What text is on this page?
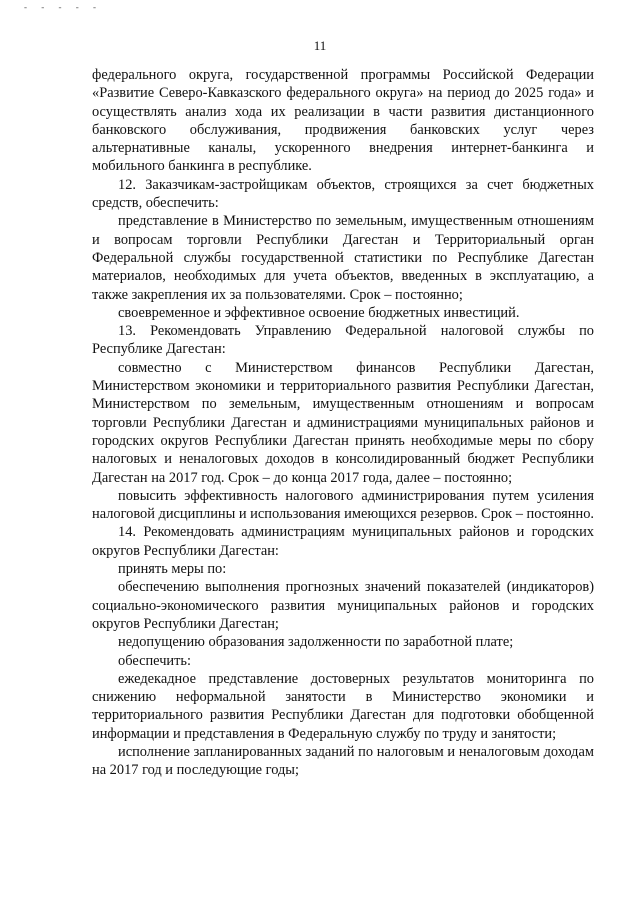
- - - - -
11

федерального округа, государственной программы Российской Федерации «Развитие Северо-Кавказского федерального округа» на период до 2025 года» и осуществлять анализ хода их реализации в части развития дистанционного банковского обслуживания, продвижения банковских услуг через альтернативные каналы, ускоренного внедрения интернет-банкинга и мобильного банкинга в республике.

12. Заказчикам-застройщикам объектов, строящихся за счет бюджетных средств, обеспечить:

представление в Министерство по земельным, имущественным отношениям и вопросам торговли Республики Дагестан и Территориальный орган Федеральной службы государственной статистики по Республике Дагестан материалов, необходимых для учета объектов, введенных в эксплуатацию, а также закрепления их за пользователями. Срок – постоянно;

своевременное и эффективное освоение бюджетных инвестиций.

13. Рекомендовать Управлению Федеральной налоговой службы по Республике Дагестан:

совместно с Министерством финансов Республики Дагестан, Министерством экономики и территориального развития Республики Дагестан, Министерством по земельным, имущественным отношениям и вопросам торговли Республики Дагестан и администрациями муниципальных районов и городских округов Республики Дагестан принять необходимые меры по сбору налоговых и неналоговых доходов в консолидированный бюджет Республики Дагестан на 2017 год. Срок – до конца 2017 года, далее – постоянно;

повысить эффективность налогового администрирования путем усиления налоговой дисциплины и использования имеющихся резервов. Срок – постоянно.

14. Рекомендовать администрациям муниципальных районов и городских округов Республики Дагестан:

принять меры по:

обеспечению выполнения прогнозных значений показателей (индикаторов) социально-экономического развития муниципальных районов и городских округов Республики Дагестан;

недопущению образования задолженности по заработной плате;

обеспечить:

ежедекадное представление достоверных результатов мониторинга по снижению неформальной занятости в Министерство экономики и территориального развития Республики Дагестан для подготовки обобщенной информации и представления в Федеральную службу по труду и занятости;

исполнение запланированных заданий по налоговым и неналоговым доходам на 2017 год и последующие годы;
